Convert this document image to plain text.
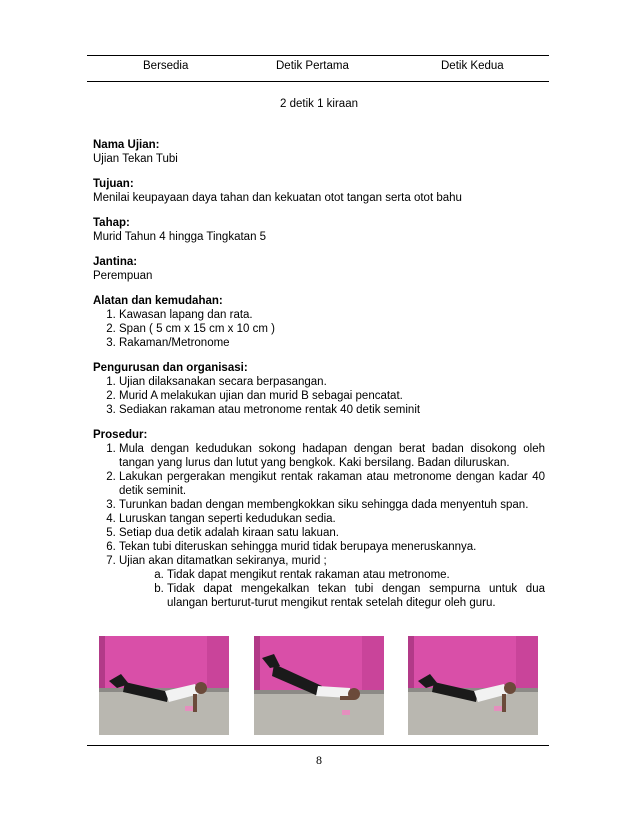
Bersedia	Detik Pertama	Detik Kedua
2 detik 1 kiraan
Nama Ujian:
Ujian Tekan Tubi
Tujuan:
Menilai keupayaan daya tahan dan kekuatan otot tangan serta otot bahu
Tahap:
Murid Tahun 4 hingga Tingkatan 5
Jantina:
Perempuan
Alatan dan kemudahan:
1. Kawasan lapang dan rata.
2. Span ( 5 cm x 15 cm x 10 cm )
3. Rakaman/Metronome
Pengurusan dan organisasi:
1. Ujian dilaksanakan secara berpasangan.
2. Murid A melakukan ujian dan murid B sebagai pencatat.
3. Sediakan rakaman atau metronome rentak 40 detik seminit
Prosedur:
1. Mula dengan kedudukan sokong hadapan dengan berat badan disokong oleh tangan yang lurus dan lutut yang bengkok. Kaki bersilang. Badan diluruskan.
2. Lakukan pergerakan mengikut rentak rakaman atau metronome dengan kadar 40 detik seminit.
3. Turunkan badan dengan membengkokkan siku sehingga dada menyentuh span.
4. Luruskan tangan seperti kedudukan sedia.
5. Setiap dua detik adalah kiraan satu lakuan.
6. Tekan tubi diteruskan sehingga murid tidak berupaya meneruskannya.
7. Ujian akan ditamatkan sekiranya, murid ;
a. Tidak dapat mengikut rentak rakaman atau metronome.
b. Tidak dapat mengekalkan tekan tubi dengan sempurna untuk dua ulangan berturut-turut mengikut rentak setelah ditegur oleh guru.
8
